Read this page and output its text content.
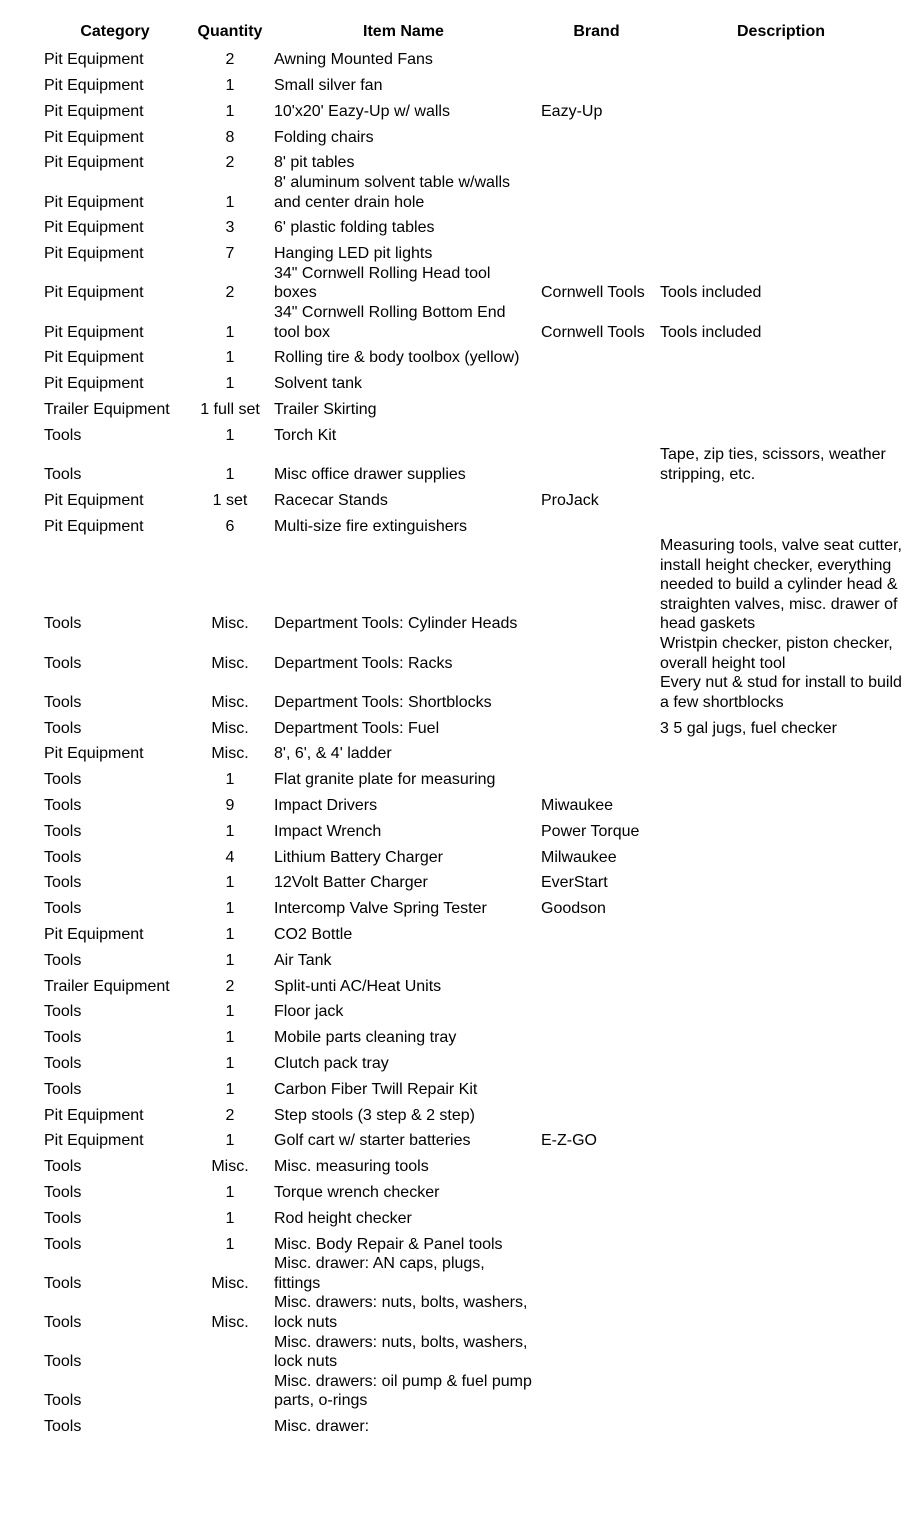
Category	Quantity	Item Name	Brand	Description
Pit Equipment	2	Awning Mounted Fans		
Pit Equipment	1	Small silver fan		
Pit Equipment	1	10'x20' Eazy-Up w/ walls	Eazy-Up	
Pit Equipment	8	Folding chairs		
Pit Equipment	2	8' pit tables		
Pit Equipment	1	8' aluminum solvent table w/walls and center drain hole		
Pit Equipment	3	6' plastic folding tables		
Pit Equipment	7	Hanging LED pit lights		
Pit Equipment	2	34" Cornwell Rolling Head tool boxes	Cornwell Tools	Tools included
Pit Equipment	1	34" Cornwell Rolling Bottom End tool box	Cornwell Tools	Tools included
Pit Equipment	1	Rolling tire & body toolbox (yellow)		
Pit Equipment	1	Solvent tank		
Trailer Equipment	1 full set	Trailer Skirting		
Tools	1	Torch Kit		
Tools	1	Misc office drawer supplies		Tape, zip ties, scissors, weather stripping, etc.
Pit Equipment	1 set	Racecar Stands	ProJack	
Pit Equipment	6	Multi-size fire extinguishers		
Tools	Misc.	Department Tools: Cylinder Heads		Measuring tools, valve seat cutter, install height checker, everything needed to build a cylinder head & straighten valves, misc. drawer of head gaskets
Tools	Misc.	Department Tools: Racks		Wristpin checker, piston checker, overall height tool
Tools	Misc.	Department Tools: Shortblocks		Every nut & stud for install to build a few shortblocks
Tools	Misc.	Department Tools: Fuel		3 5 gal jugs, fuel checker
Pit Equipment	Misc.	8', 6', & 4' ladder		
Tools	1	Flat granite plate for measuring		
Tools	9	Impact Drivers	Miwaukee	
Tools	1	Impact Wrench	Power Torque	
Tools	4	Lithium Battery Charger	Milwaukee	
Tools	1	12Volt Batter Charger	EverStart	
Tools	1	Intercomp Valve Spring Tester	Goodson	
Pit Equipment	1	CO2 Bottle		
Tools	1	Air Tank		
Trailer Equipment	2	Split-unti AC/Heat Units		
Tools	1	Floor jack		
Tools	1	Mobile parts cleaning tray		
Tools	1	Clutch pack tray		
Tools	1	Carbon Fiber Twill Repair Kit		
Pit Equipment	2	Step stools (3 step & 2 step)		
Pit Equipment	1	Golf cart w/ starter batteries	E-Z-GO	
Tools	Misc.	Misc. measuring tools		
Tools	1	Torque wrench checker		
Tools	1	Rod height checker		
Tools	1	Misc. Body Repair & Panel tools		
Tools	Misc.	Misc. drawer: AN caps, plugs, fittings		
Tools	Misc.	Misc. drawers: nuts, bolts, washers, lock nuts		
Tools		Misc. drawers: nuts, bolts, washers, lock nuts		
Tools		Misc. drawers: oil pump & fuel pump parts, o-rings		
Tools		Misc. drawer:		
